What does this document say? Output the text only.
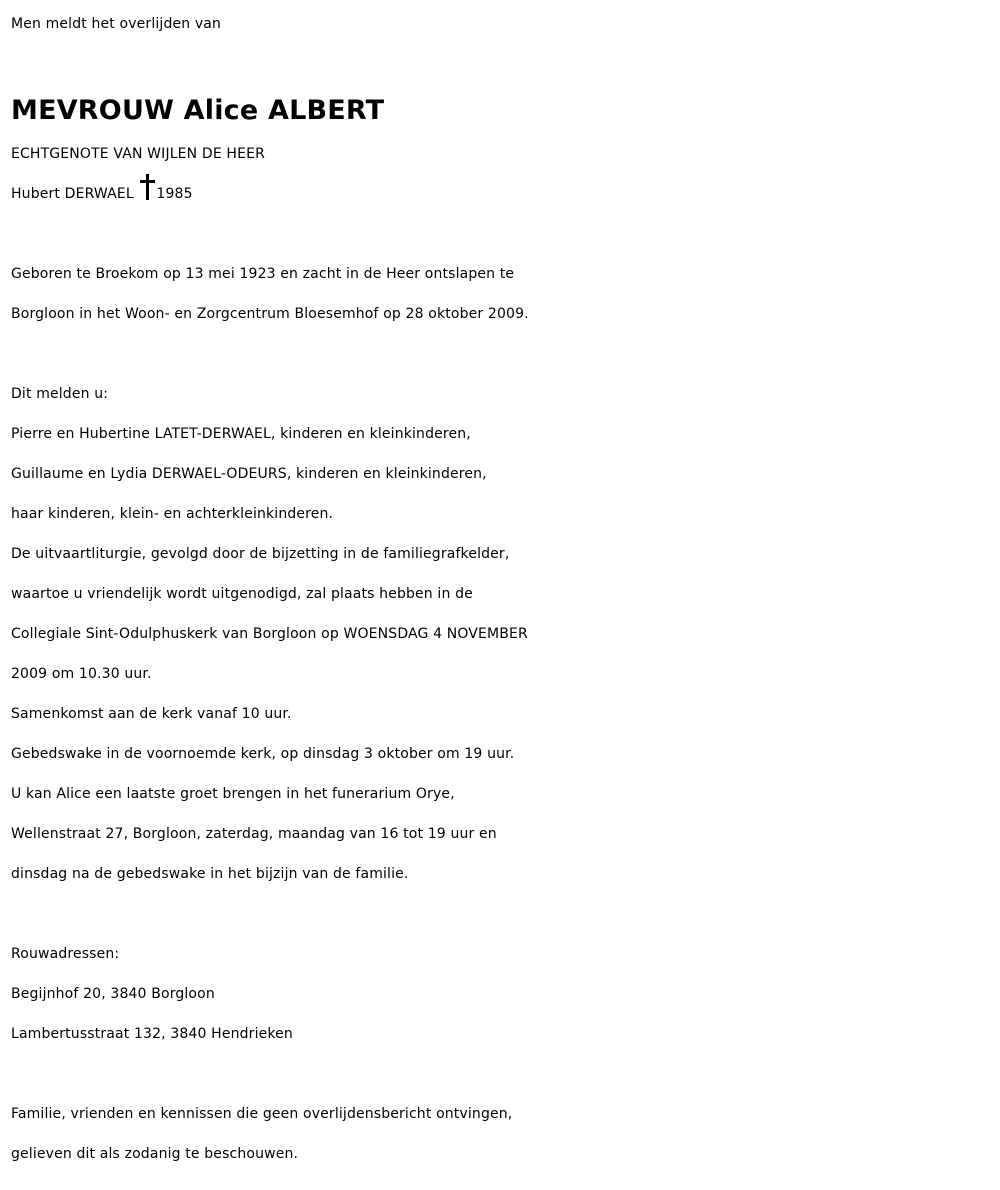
Men meldt het overlijden van
MEVROUW Alice ALBERT
ECHTGENOTE VAN WIJLEN DE HEER
Hubert DERWAEL 1985
Geboren te Broekom op 13 mei 1923 en zacht in de Heer ontslapen te
Borgloon in het Woon- en Zorgcentrum Bloesemhof op 28 oktober 2009.
Dit melden u:
Pierre en Hubertine LATET-DERWAEL, kinderen en kleinkinderen,
Guillaume en Lydia DERWAEL-ODEURS, kinderen en kleinkinderen,
haar kinderen, klein- en achterkleinkinderen.
De uitvaartliturgie, gevolgd door de bijzetting in de familiegrafkelder,
waartoe u vriendelijk wordt uitgenodigd, zal plaats hebben in de
Collegiale Sint-Odulphuskerk van Borgloon op WOENSDAG 4 NOVEMBER
2009 om 10.30 uur.
Samenkomst aan de kerk vanaf 10 uur.
Gebedswake in de voornoemde kerk, op dinsdag 3 oktober om 19 uur.
U kan Alice een laatste groet brengen in het funerarium Orye,
Wellenstraat 27, Borgloon, zaterdag, maandag van 16 tot 19 uur en
dinsdag na de gebedswake in het bijzijn van de familie.
Rouwadressen:
Begijnhof 20, 3840 Borgloon
Lambertusstraat 132, 3840 Hendrieken
Familie, vrienden en kennissen die geen overlijdensbericht ontvingen,
gelieven dit als zodanig te beschouwen.
